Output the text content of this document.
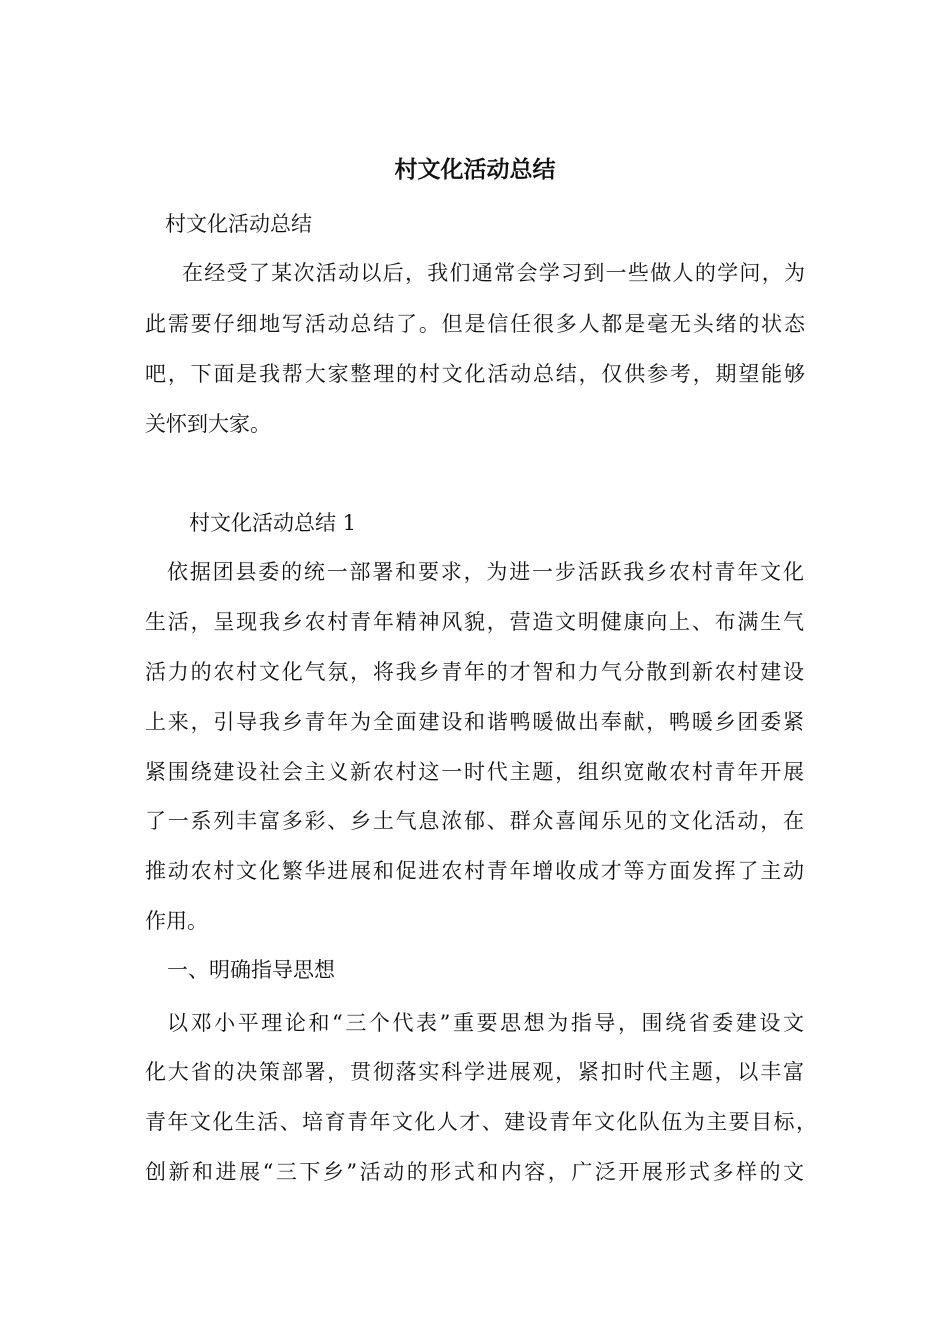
村文化活动总结

村文化活动总结

在经受了某次活动以后，我们通常会学习到一些做人的学问，为

此需要仔细地写活动总结了。但是信任很多人都是毫无头绪的状态

吧，下面是我帮大家整理的村文化活动总结，仅供参考，期望能够

关怀到大家。

村文化活动总结 1

依据团县委的统一部署和要求，为进一步活跃我乡农村青年文化

生活，呈现我乡农村青年精神风貌，营造文明健康向上、布满生气

活力的农村文化气氛，将我乡青年的才智和力气分散到新农村建设

上来，引导我乡青年为全面建设和谐鸭暖做出奉献，鸭暖乡团委紧

紧围绕建设社会主义新农村这一时代主题，组织宽敞农村青年开展

了一系列丰富多彩、乡土气息浓郁、群众喜闻乐见的文化活动，在

推动农村文化繁华进展和促进农村青年增收成才等方面发挥了主动

作用。

一、明确指导思想

以邓小平理论和“三个代表”重要思想为指导，围绕省委建设文

化大省的决策部署，贯彻落实科学进展观，紧扣时代主题，以丰富

青年文化生活、培育青年文化人才、建设青年文化队伍为主要目标，

创新和进展“三下乡”活动的形式和内容，广泛开展形式多样的文
